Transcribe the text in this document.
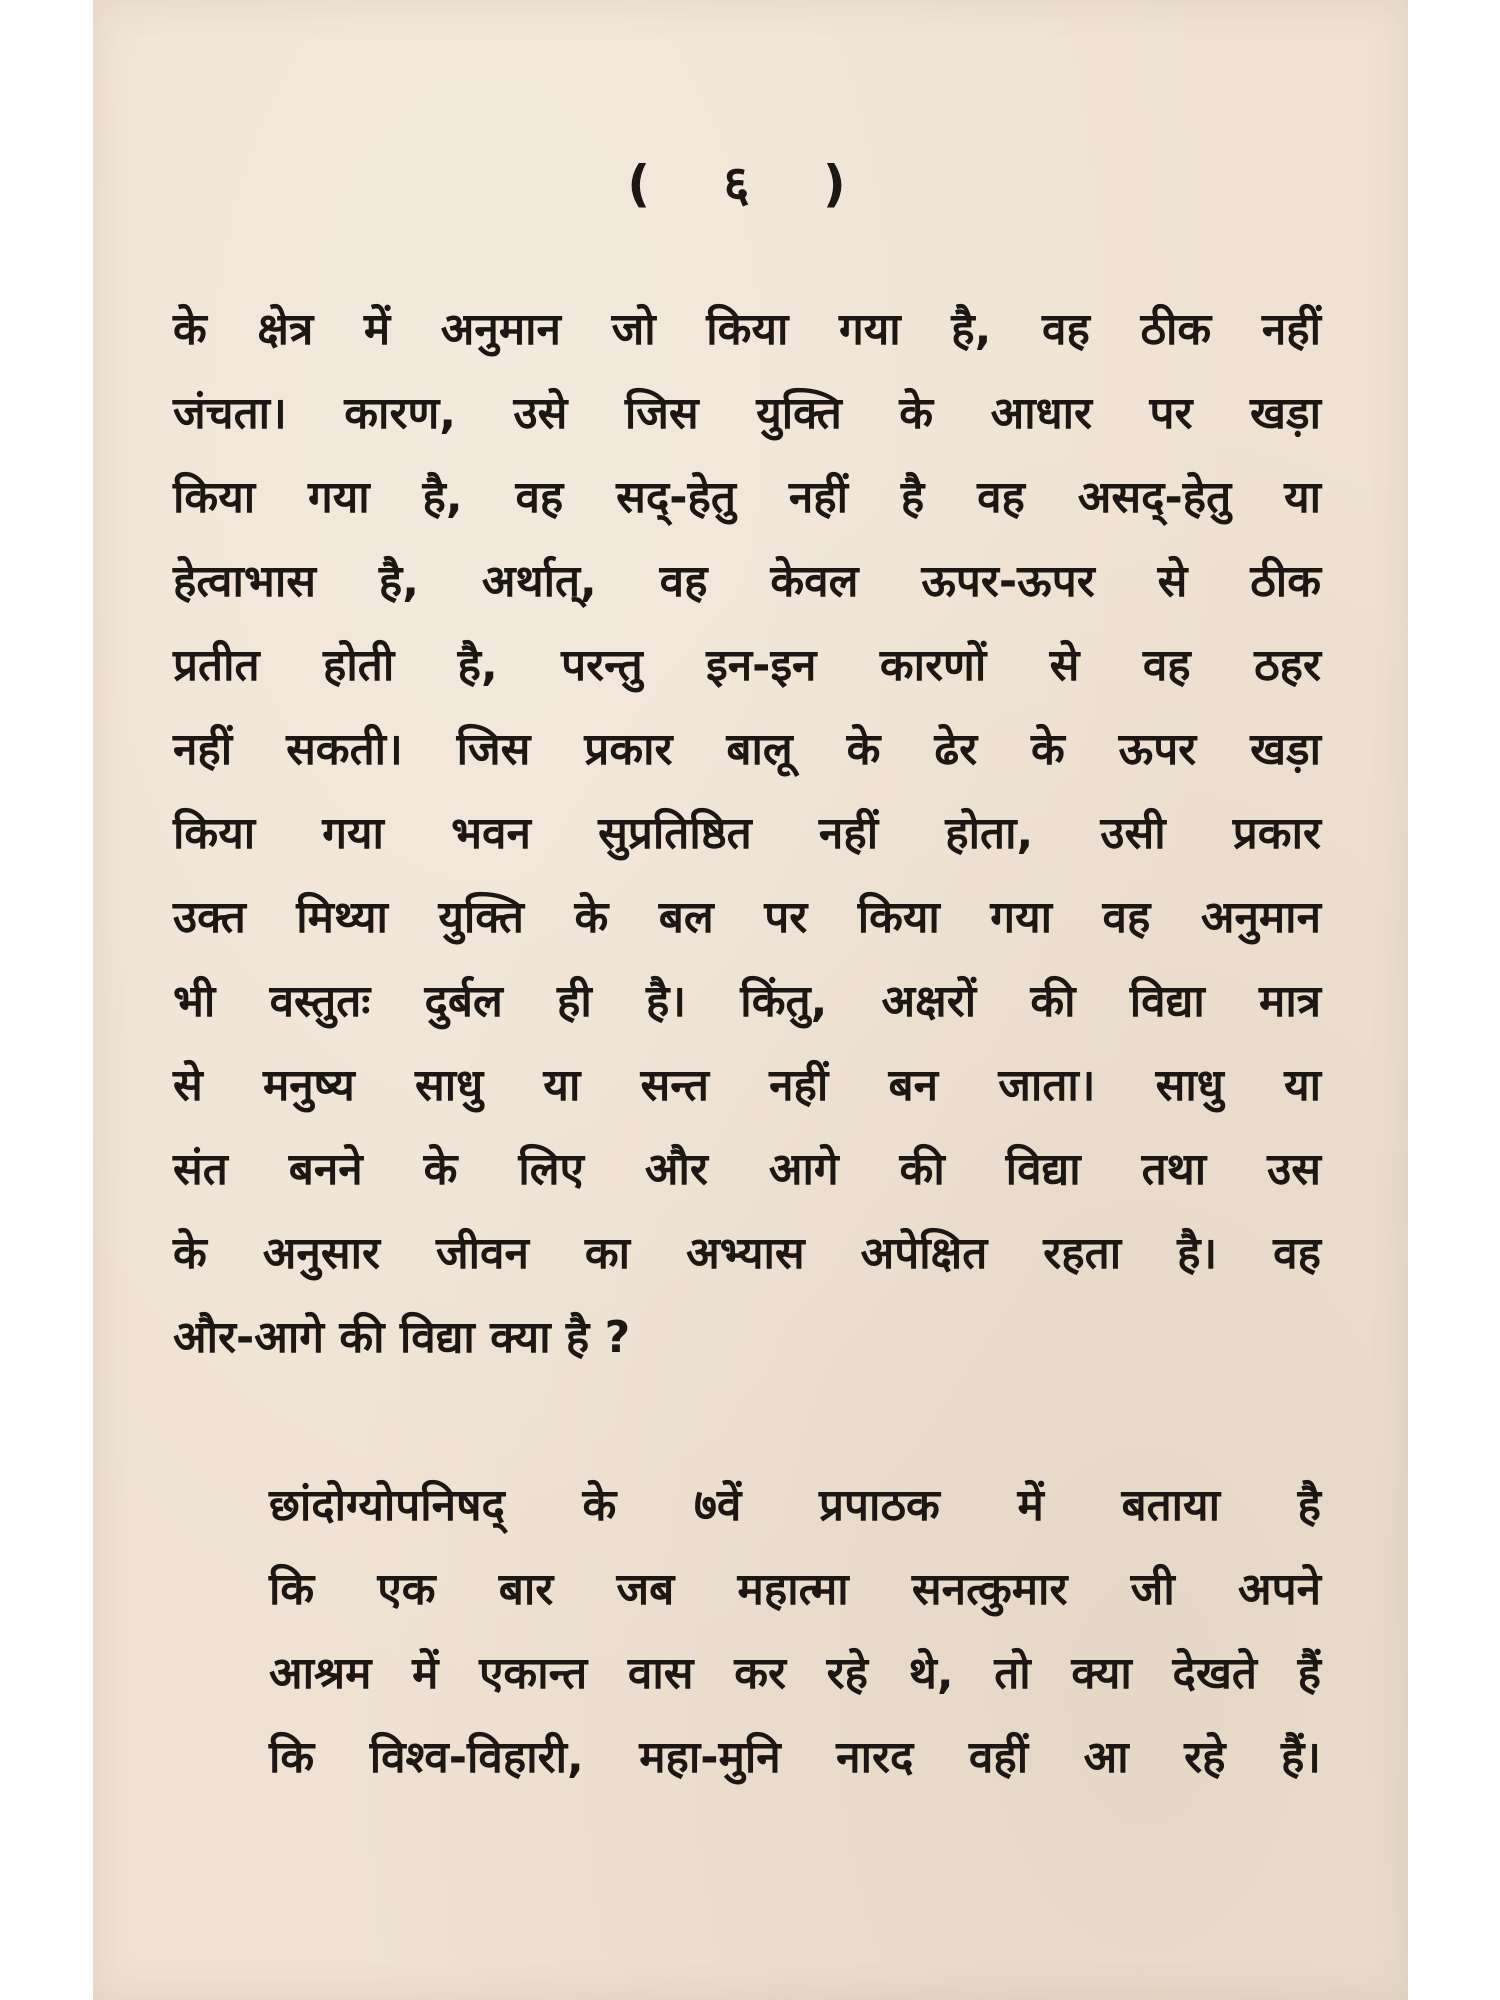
( ६ )

के क्षेत्र में अनुमान जो किया गया है, वह ठीक नहीं
जंचता। कारण, उसे जिस युक्ति के आधार पर खड़ा
किया गया है, वह सद्-हेतु नहीं है वह असद्-हेतु या
हेत्वाभास है, अर्थात्, वह केवल ऊपर-ऊपर से ठीक
प्रतीत होती है, परन्तु इन-इन कारणों से वह ठहर
नहीं सकती। जिस प्रकार बालू के ढेर के ऊपर खड़ा
किया गया भवन सुप्रतिष्ठित नहीं होता, उसी प्रकार
उक्त मिथ्या युक्ति के बल पर किया गया वह अनुमान
भी वस्तुतः दुर्बल ही है। किंतु, अक्षरों की विद्या मात्र
से मनुष्य साधु या सन्त नहीं बन जाता। साधु या
संत बनने के लिए और आगे की विद्या तथा उस
के अनुसार जीवन का अभ्यास अपेक्षित रहता है। वह
और-आगे की विद्या क्या है ?

छांदोग्योपनिषद् के ७वें प्रपाठक में बताया है
कि एक बार जब महात्मा सनत्कुमार जी अपने
आश्रम में एकान्त वास कर रहे थे, तो क्या देखते हैं
कि विश्व-विहारी, महा-मुनि नारद वहीं आ रहे हैं।
